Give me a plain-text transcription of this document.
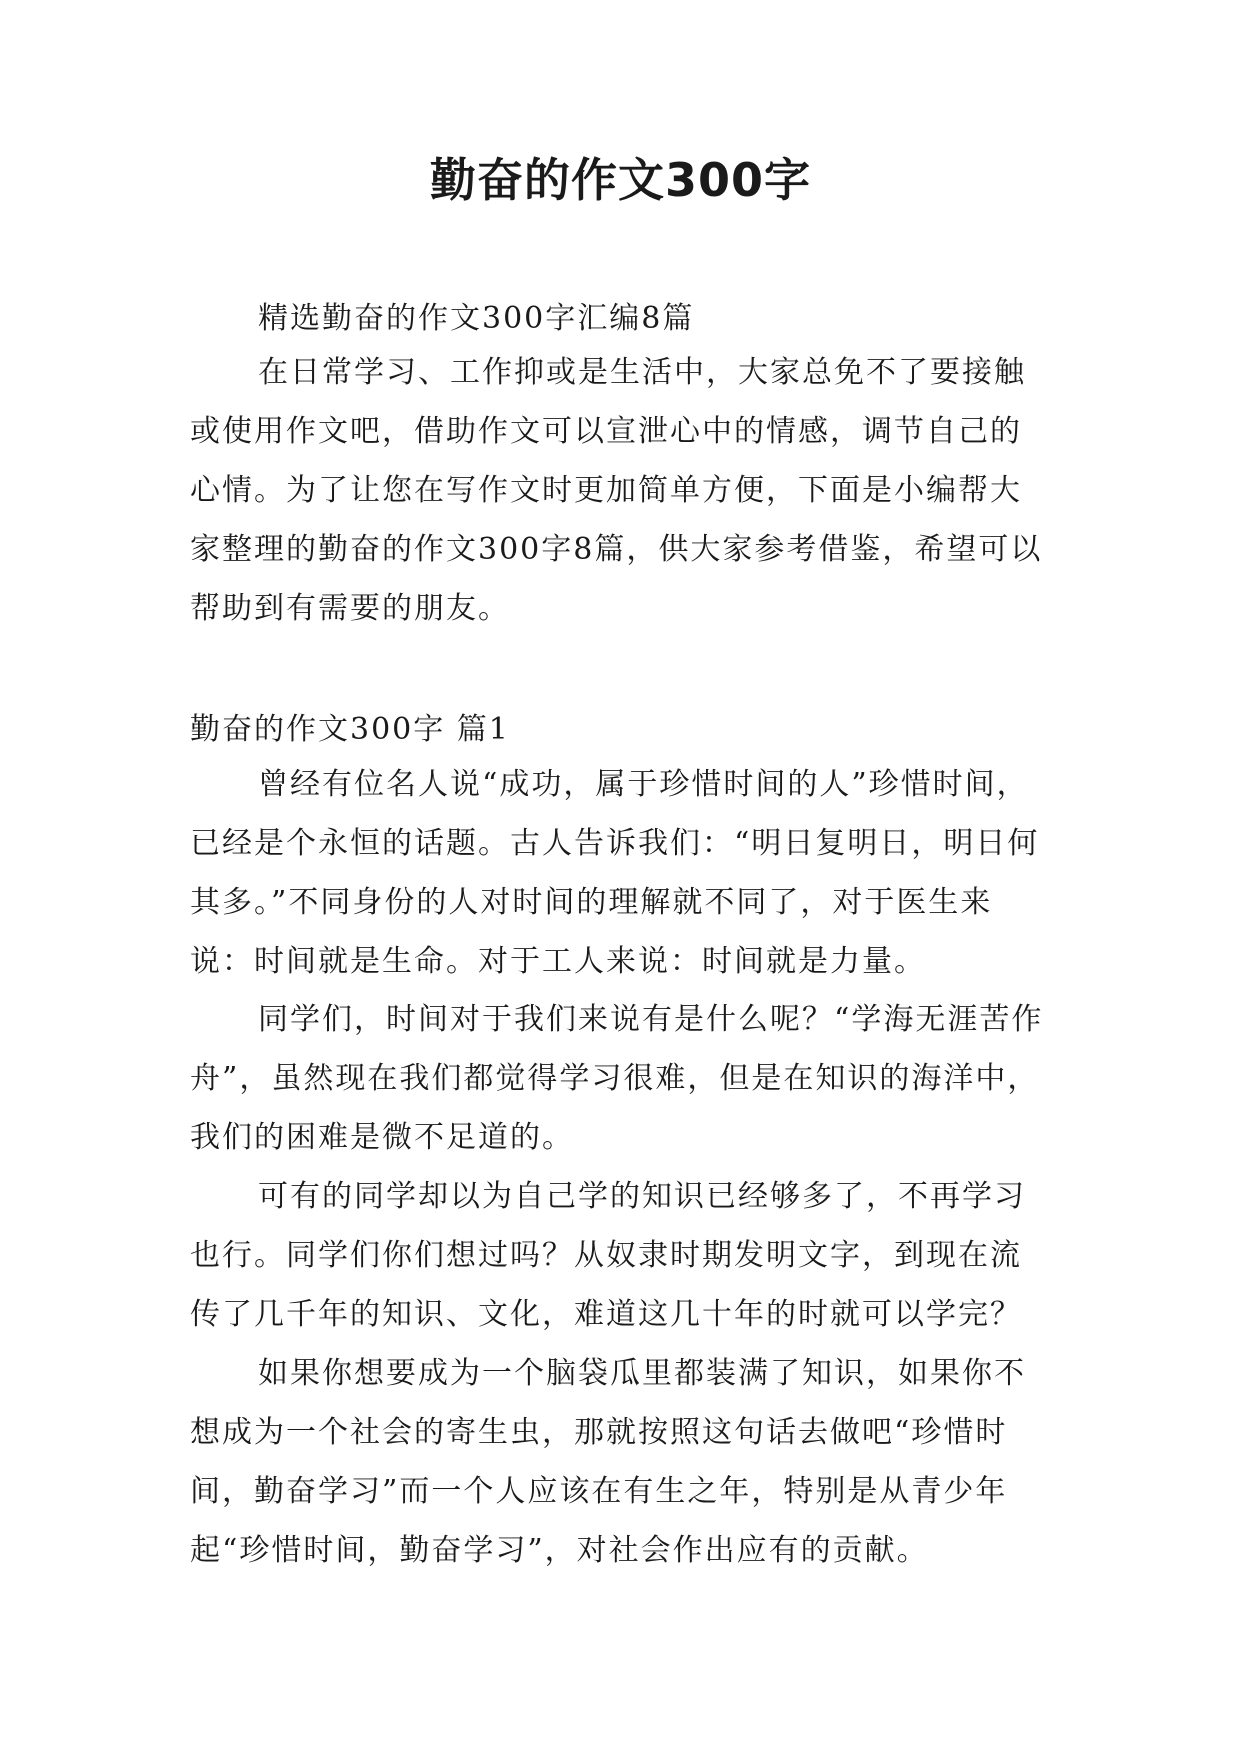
勤奋的作文300字

精选勤奋的作文300字汇编8篇

在日常学习、工作抑或是生活中，大家总免不了要接触或使用作文吧，借助作文可以宣泄心中的情感，调节自己的心情。为了让您在写作文时更加简单方便，下面是小编帮大家整理的勤奋的作文300字8篇，供大家参考借鉴，希望可以帮助到有需要的朋友。

勤奋的作文300字 篇1

曾经有位名人说“成功，属于珍惜时间的人”珍惜时间，已经是个永恒的话题。古人告诉我们：“明日复明日，明日何其多。”不同身份的人对时间的理解就不同了，对于医生来说：时间就是生命。对于工人来说：时间就是力量。

同学们，时间对于我们来说有是什么呢？“学海无涯苦作舟”，虽然现在我们都觉得学习很难，但是在知识的海洋中，我们的困难是微不足道的。

可有的同学却以为自己学的知识已经够多了，不再学习也行。同学们你们想过吗？从奴隶时期发明文字，到现在流传了几千年的知识、文化，难道这几十年的时就可以学完？

如果你想要成为一个脑袋瓜里都装满了知识，如果你不想成为一个社会的寄生虫，那就按照这句话去做吧“珍惜时间，勤奋学习”而一个人应该在有生之年，特别是从青少年起“珍惜时间，勤奋学习”，对社会作出应有的贡献。
